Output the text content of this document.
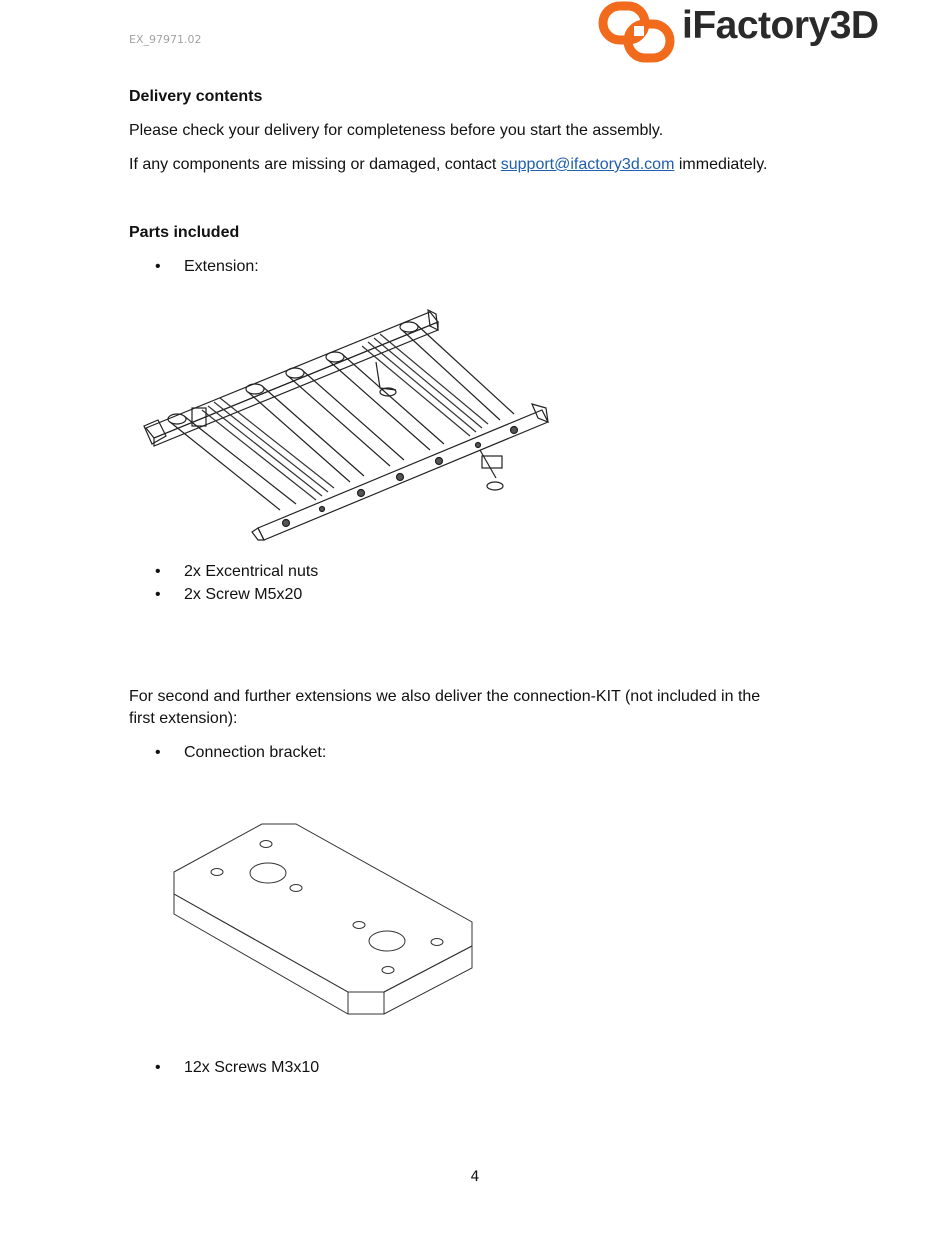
EX_97971.02	iFactory3D
Delivery contents
Please check your delivery for completeness before you start the assembly.
If any components are missing or damaged, contact support@ifactory3d.com immediately.
Parts included
• Extension:
• 2x Excentrical nuts
• 2x Screw M5x20
For second and further extensions we also deliver the connection-KIT (not included in the
first extension):
• Connection bracket:
• 12x Screws M3x10
4
